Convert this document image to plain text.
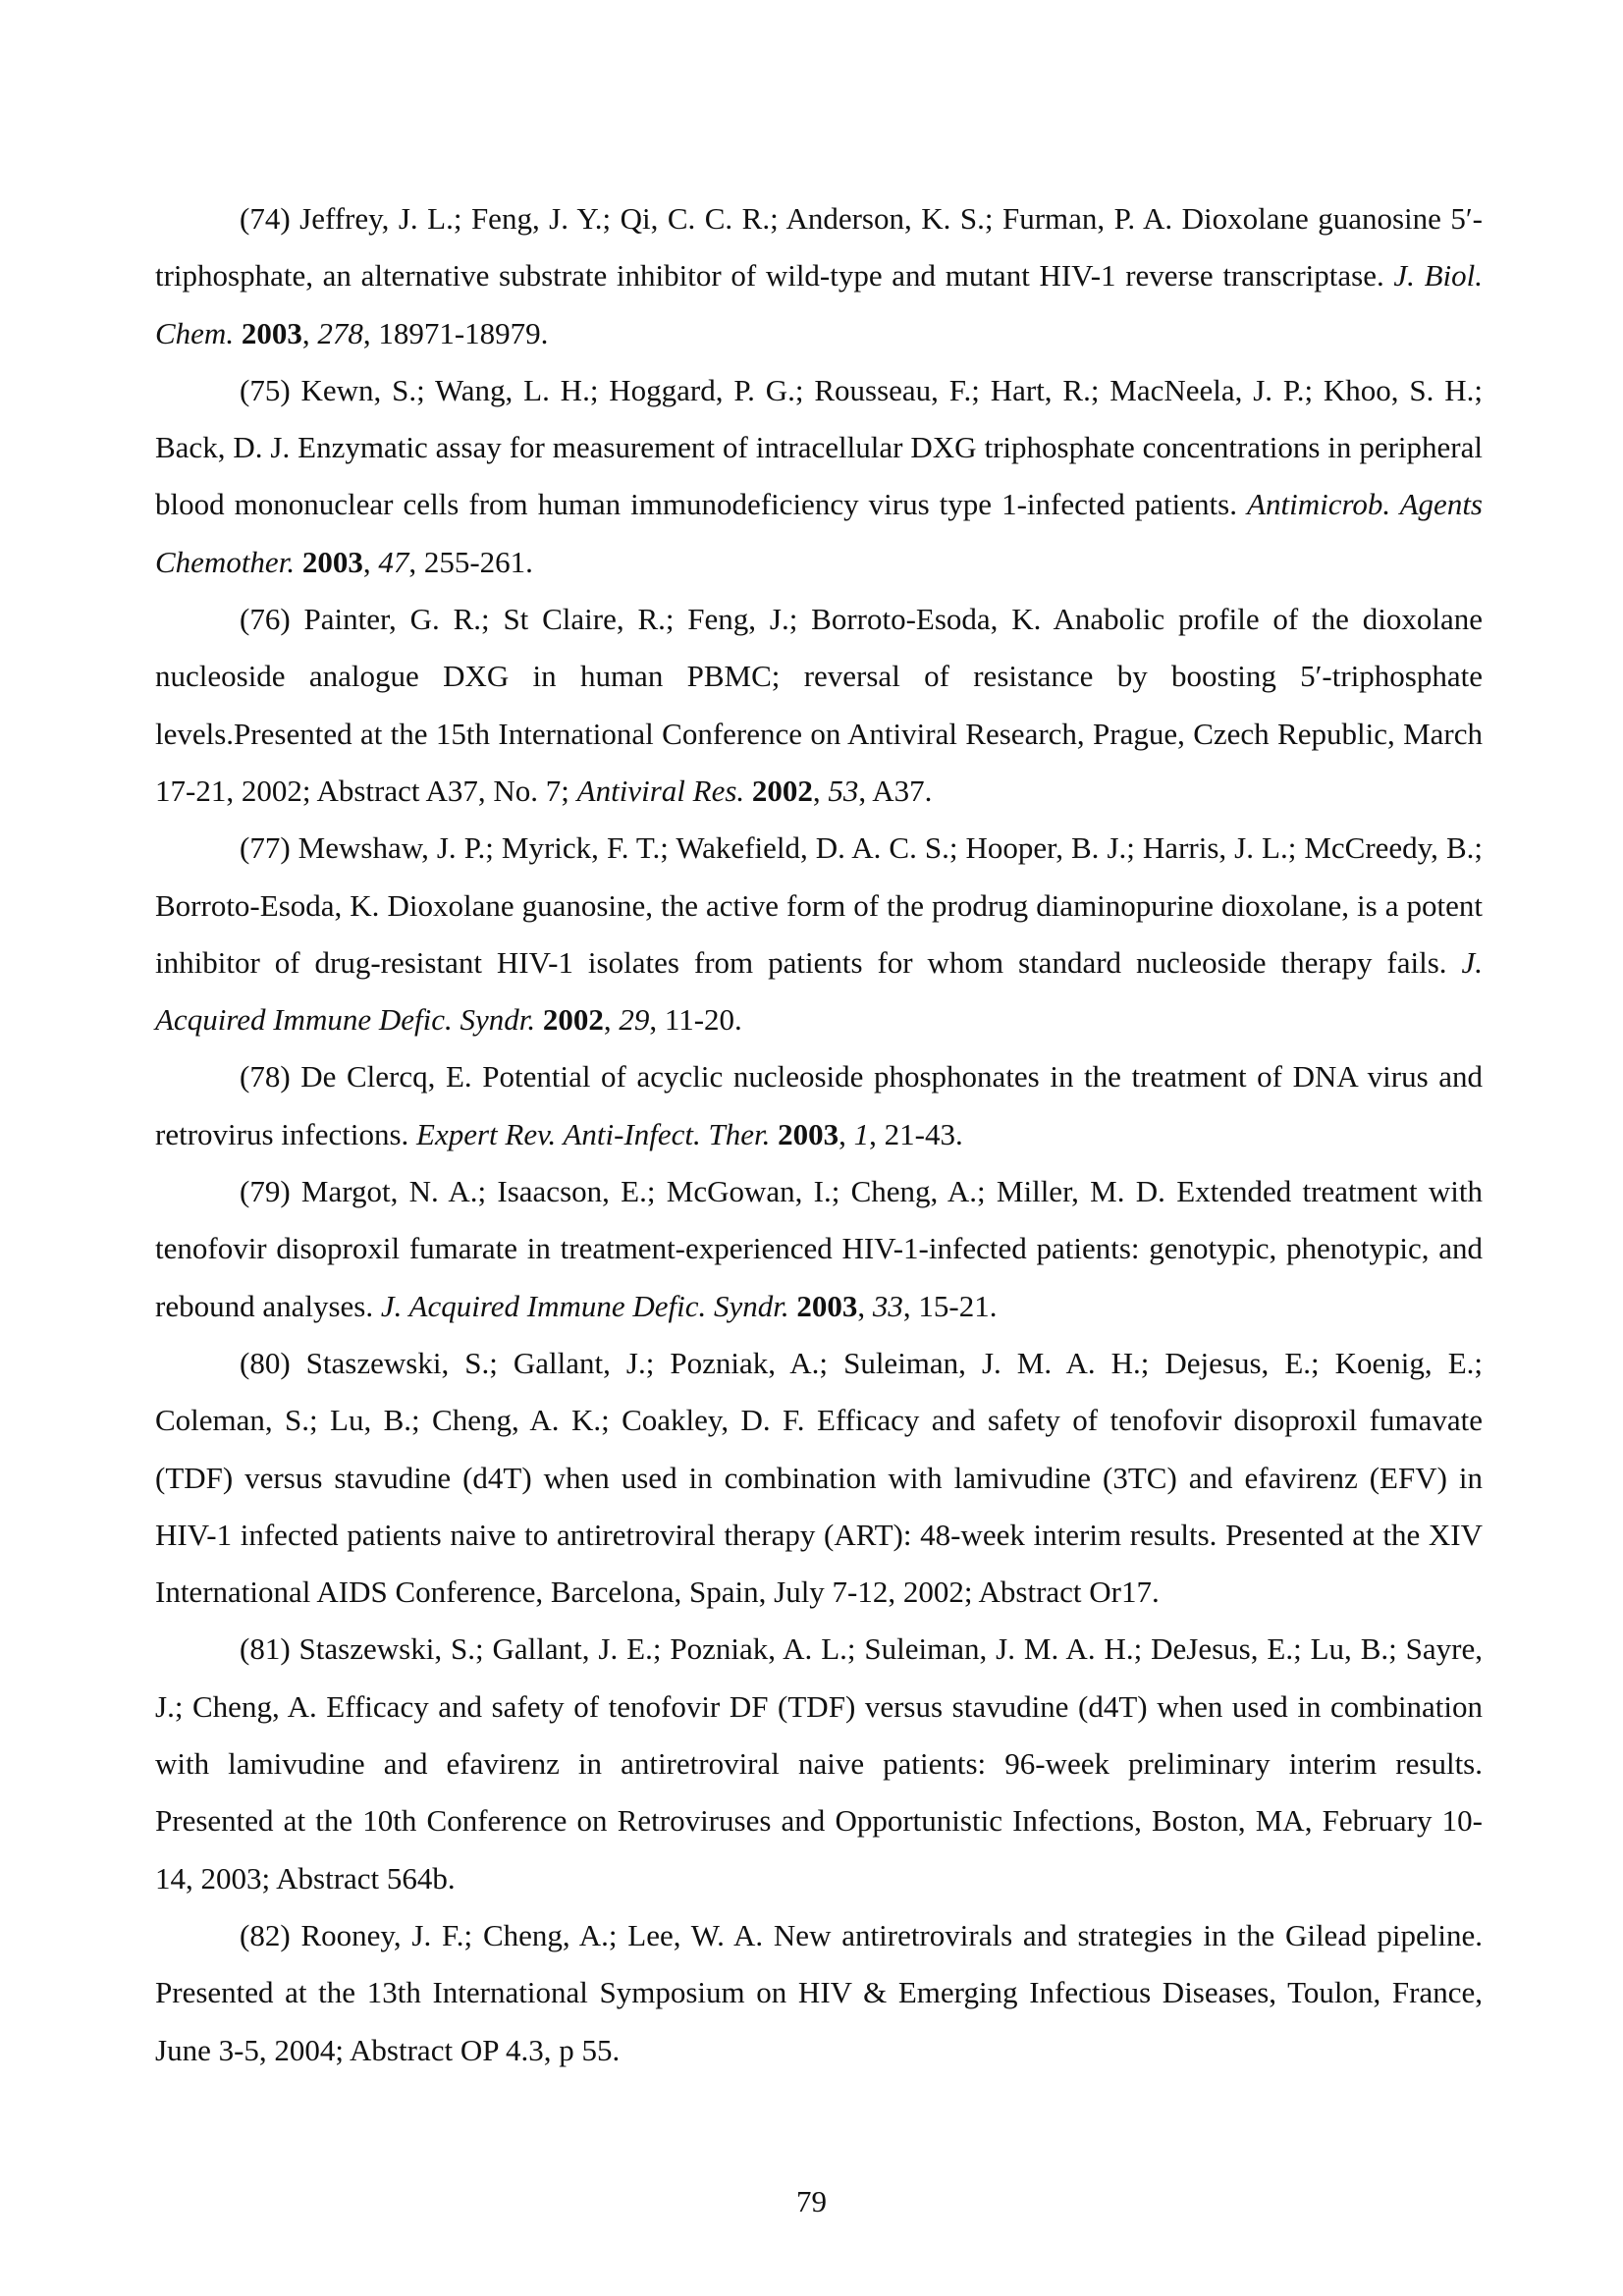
(74) Jeffrey, J. L.; Feng, J. Y.; Qi, C. C. R.; Anderson, K. S.; Furman, P. A. Dioxolane guanosine 5′-triphosphate, an alternative substrate inhibitor of wild-type and mutant HIV-1 reverse transcriptase. J. Biol. Chem. 2003, 278, 18971-18979.

(75) Kewn, S.; Wang, L. H.; Hoggard, P. G.; Rousseau, F.; Hart, R.; MacNeela, J. P.; Khoo, S. H.; Back, D. J. Enzymatic assay for measurement of intracellular DXG triphosphate concentrations in peripheral blood mononuclear cells from human immunodeficiency virus type 1-infected patients. Antimicrob. Agents Chemother. 2003, 47, 255-261.

(76) Painter, G. R.; St Claire, R.; Feng, J.; Borroto-Esoda, K. Anabolic profile of the dioxolane nucleoside analogue DXG in human PBMC; reversal of resistance by boosting 5′-triphosphate levels.Presented at the 15th International Conference on Antiviral Research, Prague, Czech Republic, March 17-21, 2002; Abstract A37, No. 7; Antiviral Res. 2002, 53, A37.

(77) Mewshaw, J. P.; Myrick, F. T.; Wakefield, D. A. C. S.; Hooper, B. J.; Harris, J. L.; McCreedy, B.; Borroto-Esoda, K. Dioxolane guanosine, the active form of the prodrug diaminopurine dioxolane, is a potent inhibitor of drug-resistant HIV-1 isolates from patients for whom standard nucleoside therapy fails. J. Acquired Immune Defic. Syndr. 2002, 29, 11-20.

(78) De Clercq, E. Potential of acyclic nucleoside phosphonates in the treatment of DNA virus and retrovirus infections. Expert Rev. Anti-Infect. Ther. 2003, 1, 21-43.

(79) Margot, N. A.; Isaacson, E.; McGowan, I.; Cheng, A.; Miller, M. D. Extended treatment with tenofovir disoproxil fumarate in treatment-experienced HIV-1-infected patients: genotypic, phenotypic, and rebound analyses. J. Acquired Immune Defic. Syndr. 2003, 33, 15-21.

(80) Staszewski, S.; Gallant, J.; Pozniak, A.; Suleiman, J. M. A. H.; Dejesus, E.; Koenig, E.; Coleman, S.; Lu, B.; Cheng, A. K.; Coakley, D. F. Efficacy and safety of tenofovir disoproxil fumavate (TDF) versus stavudine (d4T) when used in combination with lamivudine (3TC) and efavirenz (EFV) in HIV-1 infected patients naive to antiretroviral therapy (ART): 48-week interim results. Presented at the XIV International AIDS Conference, Barcelona, Spain, July 7-12, 2002; Abstract Or17.

(81) Staszewski, S.; Gallant, J. E.; Pozniak, A. L.; Suleiman, J. M. A. H.; DeJesus, E.; Lu, B.; Sayre, J.; Cheng, A. Efficacy and safety of tenofovir DF (TDF) versus stavudine (d4T) when used in combination with lamivudine and efavirenz in antiretroviral naive patients: 96-week preliminary interim results. Presented at the 10th Conference on Retroviruses and Opportunistic Infections, Boston, MA, February 10-14, 2003; Abstract 564b.

(82) Rooney, J. F.; Cheng, A.; Lee, W. A. New antiretrovirals and strategies in the Gilead pipeline. Presented at the 13th International Symposium on HIV & Emerging Infectious Diseases, Toulon, France, June 3-5, 2004; Abstract OP 4.3, p 55.

79
